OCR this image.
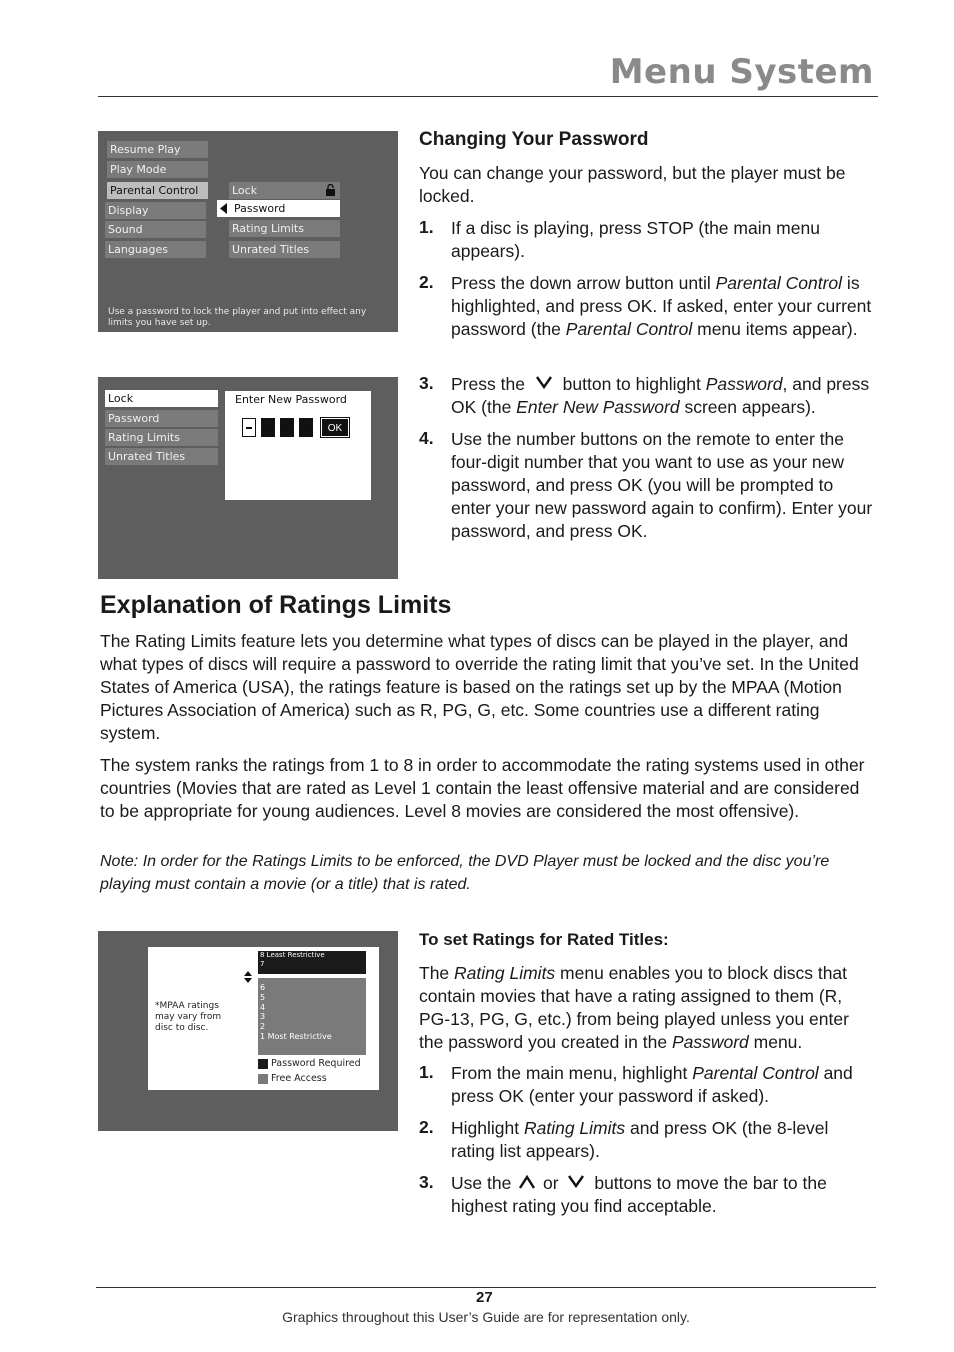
Menu System
Resume Play
Play Mode
Parental Control
Display
Sound
Languages
Lock
Password
Rating Limits
Unrated Titles
Use a password to lock the player and put into effect any limits you have set up.
Lock
Password
Rating Limits
Unrated Titles
Enter New Password
OK
Changing Your Password
You can change your password, but the player must be locked.
1. If a disc is playing, press STOP (the main menu appears).
2. Press the down arrow button until Parental Control is highlighted, and press OK. If asked, enter your current password (the Parental Control menu items appear).
3. Press the  button to highlight Password, and press OK (the Enter New Password screen appears).
4. Use the number buttons on the remote to enter the four-digit number that you want to use as your new password, and press OK (you will be prompted to enter your new password again to confirm). Enter your password, and press OK.
Explanation of Ratings Limits
The Rating Limits feature lets you determine what types of discs can be played in the player, and what types of discs will require a password to override the rating limit that you’ve set. In the United States of America (USA), the ratings feature is based on the ratings set up by the MPAA (Motion Pictures Association of America) such as R, PG, G, etc. Some countries use a different rating system.
The system ranks the ratings from 1 to 8 in order to accommodate the rating systems used in other countries (Movies that are rated as Level 1 contain the least offensive material and are considered to be appropriate for young audiences. Level 8 movies are considered the most offensive).
Note: In order for the Ratings Limits to be enforced, the DVD Player must be locked and the disc you’re playing must contain a movie (or a title) that is rated.
*MPAA ratings may vary from disc to disc.
8 Least Restrictive
7
6
5
4
3
2
1 Most Restrictive
Password Required
Free Access
To set Ratings for Rated Titles:
The Rating Limits menu enables you to block discs that contain movies that have a rating assigned to them (R, PG-13, PG, G, etc.) from being played unless you enter the password you created in the Password menu.
1. From the main menu, highlight Parental Control and press OK (enter your password if asked).
2. Highlight Rating Limits and press OK (the 8-level rating list appears).
3. Use the  or  buttons to move the bar to the highest rating you find acceptable.
27
Graphics throughout this User’s Guide are for representation only.
